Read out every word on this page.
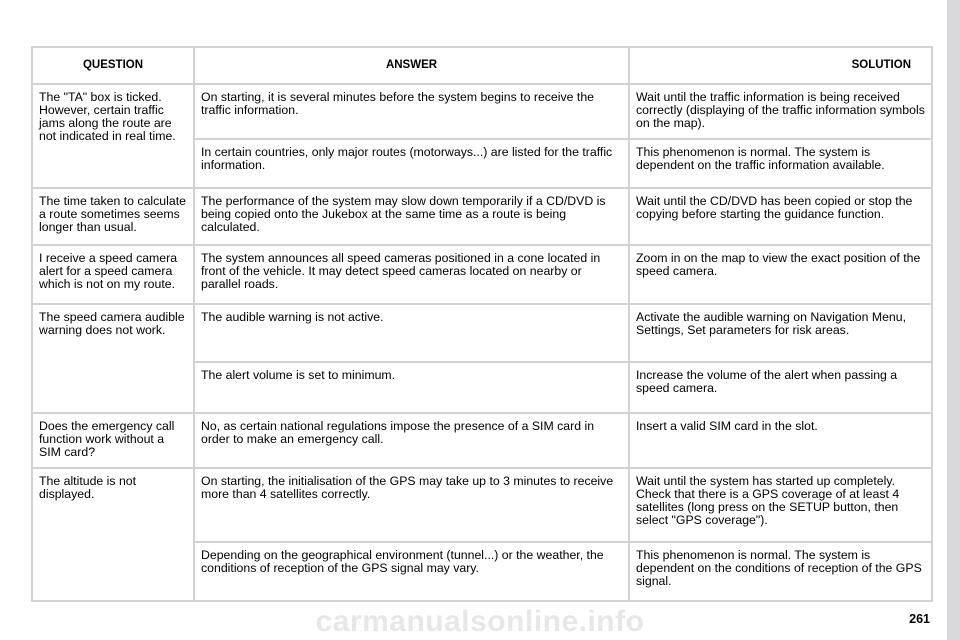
QUESTION	ANSWER	SOLUTION
The "TA" box is ticked. However, certain traffic jams along the route are not indicated in real time.	On starting, it is several minutes before the system begins to receive the traffic information.	Wait until the traffic information is being received correctly (displaying of the traffic information symbols on the map).
	In certain countries, only major routes (motorways...) are listed for the traffic information.	This phenomenon is normal. The system is dependent on the traffic information available.
The time taken to calculate a route sometimes seems longer than usual.	The performance of the system may slow down temporarily if a CD/DVD is being copied onto the Jukebox at the same time as a route is being calculated.	Wait until the CD/DVD has been copied or stop the copying before starting the guidance function.
I receive a speed camera alert for a speed camera which is not on my route.	The system announces all speed cameras positioned in a cone located in front of the vehicle. It may detect speed cameras located on nearby or parallel roads.	Zoom in on the map to view the exact position of the speed camera.
The speed camera audible warning does not work.	The audible warning is not active.	Activate the audible warning on Navigation Menu, Settings, Set parameters for risk areas.
	The alert volume is set to minimum.	Increase the volume of the alert when passing a speed camera.
Does the emergency call function work without a SIM card?	No, as certain national regulations impose the presence of a SIM card in order to make an emergency call.	Insert a valid SIM card in the slot.
The altitude is not displayed.	On starting, the initialisation of the GPS may take up to 3 minutes to receive more than 4 satellites correctly.	Wait until the system has started up completely. Check that there is a GPS coverage of at least 4 satellites (long press on the SETUP button, then select "GPS coverage").
	Depending on the geographical environment (tunnel...) or the weather, the conditions of reception of the GPS signal may vary.	This phenomenon is normal. The system is dependent on the conditions of reception of the GPS signal.
carmanualsonline.info	261
